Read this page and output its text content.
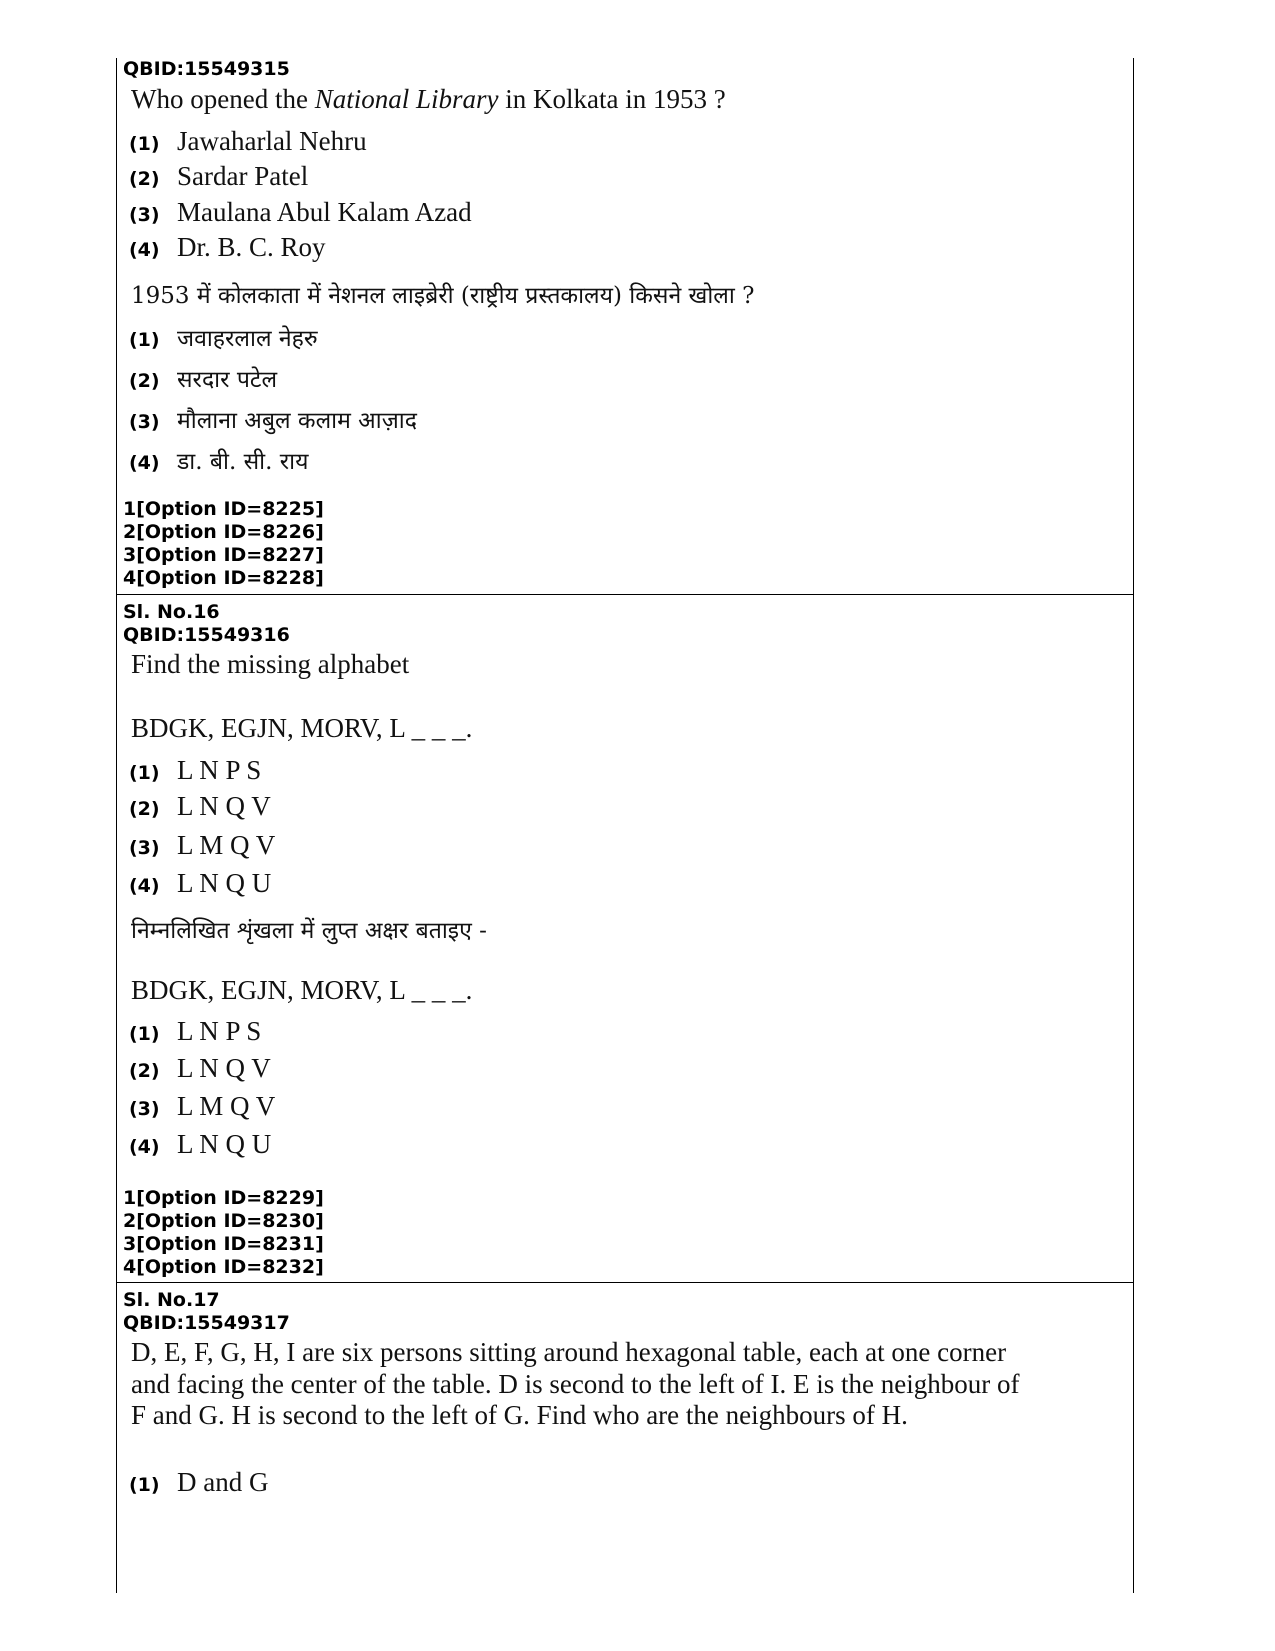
QBID:15549315
Who opened the National Library in Kolkata in 1953 ?
(1) Jawaharlal Nehru
(2) Sardar Patel
(3) Maulana Abul Kalam Azad
(4) Dr. B. C. Roy
1953 में कोलकाता में नेशनल लाइब्रेरी (राष्ट्रीय प्रस्तकालय) किसने खोला ?
(1) जवाहरलाल नेहरु
(2) सरदार पटेल
(3) मौलाना अबुल कलाम आज़ाद
(4) डा. बी. सी. राय
1[Option ID=8225]
2[Option ID=8226]
3[Option ID=8227]
4[Option ID=8228]
Sl. No.16
QBID:15549316
Find the missing alphabet
BDGK, EGJN, MORV, L _ _ _.
(1) L N P S
(2) L N Q V
(3) L M Q V
(4) L N Q U
निम्नलिखित शृंखला में लुप्त अक्षर बताइए -
BDGK, EGJN, MORV, L _ _ _.
(1) L N P S
(2) L N Q V
(3) L M Q V
(4) L N Q U
1[Option ID=8229]
2[Option ID=8230]
3[Option ID=8231]
4[Option ID=8232]
Sl. No.17
QBID:15549317
D, E, F, G, H, I are six persons sitting around hexagonal table, each at one corner and facing the center of the table. D is second to the left of I. E is the neighbour of F and G. H is second to the left of G. Find who are the neighbours of H.
(1) D and G
